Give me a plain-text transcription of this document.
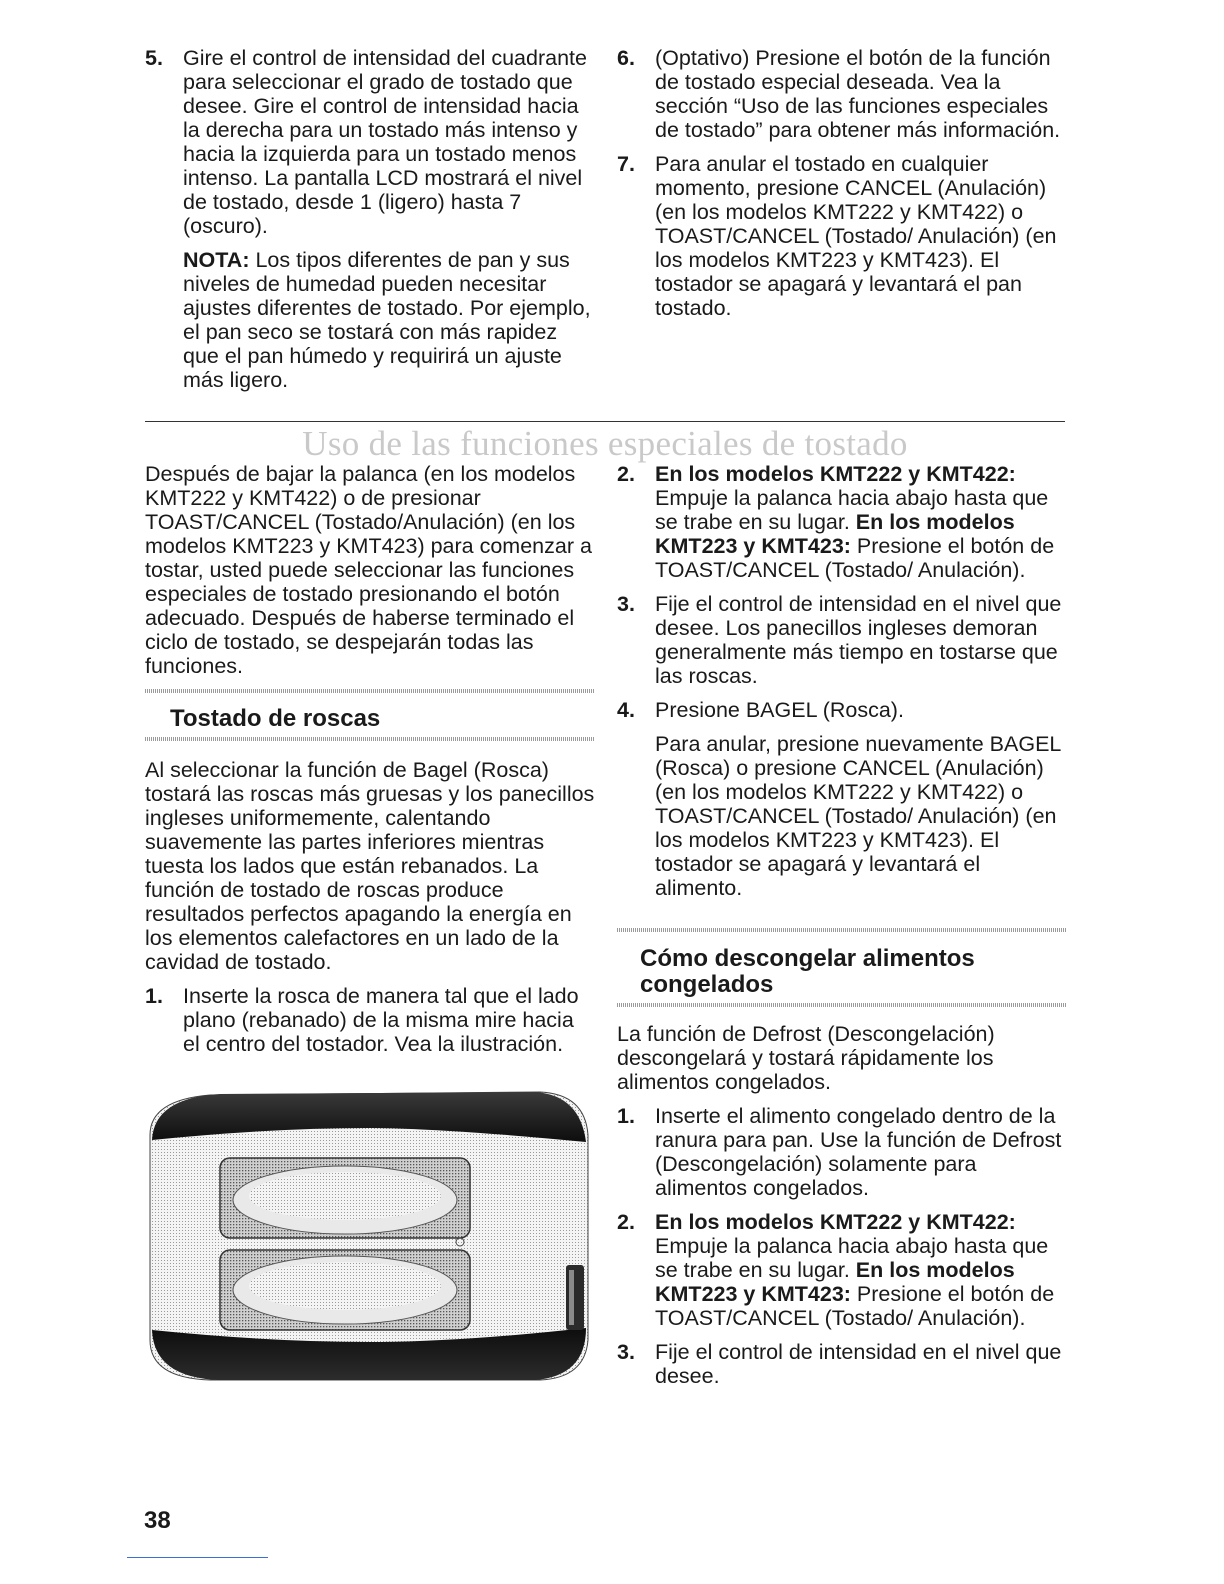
5. Gire el control de intensidad del cuadrante para seleccionar el grado de tostado que desee. Gire el control de intensidad hacia la derecha para un tostado más intenso y hacia la izquierda para un tostado menos intenso. La pantalla LCD mostrará el nivel de tostado, desde 1 (ligero) hasta 7 (oscuro).

NOTA: Los tipos diferentes de pan y sus niveles de humedad pueden necesitar ajustes diferentes de tostado. Por ejemplo, el pan seco se tostará con más rapidez que el pan húmedo y requirirá un ajuste más ligero.

6. (Optativo) Presione el botón de la función de tostado especial deseada. Vea la sección “Uso de las funciones especiales de tostado” para obtener más información.

7. Para anular el tostado en cualquier momento, presione CANCEL (Anulación) (en los modelos KMT222 y KMT422) o TOAST/CANCEL (Tostado/ Anulación) (en los modelos KMT223 y KMT423). El tostador se apagará y levantará el pan tostado.

Uso de las funciones especiales de tostado

Después de bajar la palanca (en los modelos KMT222 y KMT422) o de presionar TOAST/CANCEL (Tostado/Anulación) (en los modelos KMT223 y KMT423) para comenzar a tostar, usted puede seleccionar las funciones especiales de tostado presionando el botón adecuado. Después de haberse terminado el ciclo de tostado, se despejarán todas las funciones.

Tostado de roscas

Al seleccionar la función de Bagel (Rosca) tostará las roscas más gruesas y los panecillos ingleses uniformemente, calentando suavemente las partes inferiores mientras tuesta los lados que están rebanados. La función de tostado de roscas produce resultados perfectos apagando la energía en los elementos calefactores en un lado de la cavidad de tostado.

1. Inserte la rosca de manera tal que el lado plano (rebanado) de la misma mire hacia el centro del tostador. Vea la ilustración.

2. En los modelos KMT222 y KMT422: Empuje la palanca hacia abajo hasta que se trabe en su lugar. En los modelos KMT223 y KMT423: Presione el botón de TOAST/CANCEL (Tostado/ Anulación).

3. Fije el control de intensidad en el nivel que desee. Los panecillos ingleses demoran generalmente más tiempo en tostarse que las roscas.

4. Presione BAGEL (Rosca).

Para anular, presione nuevamente BAGEL (Rosca) o presione CANCEL (Anulación) (en los modelos KMT222 y KMT422) o TOAST/CANCEL (Tostado/ Anulación) (en los modelos KMT223 y KMT423). El tostador se apagará y levantará el alimento.

Cómo descongelar alimentos
congelados

La función de Defrost (Descongelación) descongelará y tostará rápidamente los alimentos congelados.

1. Inserte el alimento congelado dentro de la ranura para pan. Use la función de Defrost (Descongelación) solamente para alimentos congelados.

2. En los modelos KMT222 y KMT422: Empuje la palanca hacia abajo hasta que se trabe en su lugar. En los modelos KMT223 y KMT423: Presione el botón de TOAST/CANCEL (Tostado/ Anulación).

3. Fije el control de intensidad en el nivel que desee.

38
